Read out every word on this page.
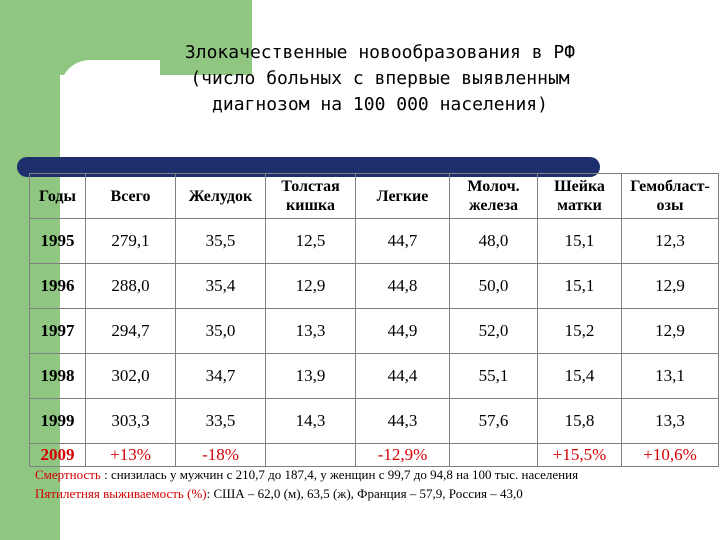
Злокачественные новообразования в РФ
(число больных с впервые выявленным
диагнозом на 100 000 населения)
Годы	Всего	Желудок	Толстая кишка	Легкие	Молоч. железа	Шейка матки	Гемобласт- озы
1995	279,1	35,5	12,5	44,7	48,0	15,1	12,3
1996	288,0	35,4	12,9	44,8	50,0	15,1	12,9
1997	294,7	35,0	13,3	44,9	52,0	15,2	12,9
1998	302,0	34,7	13,9	44,4	55,1	15,4	13,1
1999	303,3	33,5	14,3	44,3	57,6	15,8	13,3
2009	+13%	-18%		-12,9%		+15,5%	+10,6%
Смертность : снизилась у мужчин с 210,7 до 187,4, у женщин с 99,7 до 94,8 на 100 тыс. населения
Пятилетняя выживаемость (%): США – 62,0 (м), 63,5 (ж), Франция – 57,9, Россия – 43,0
